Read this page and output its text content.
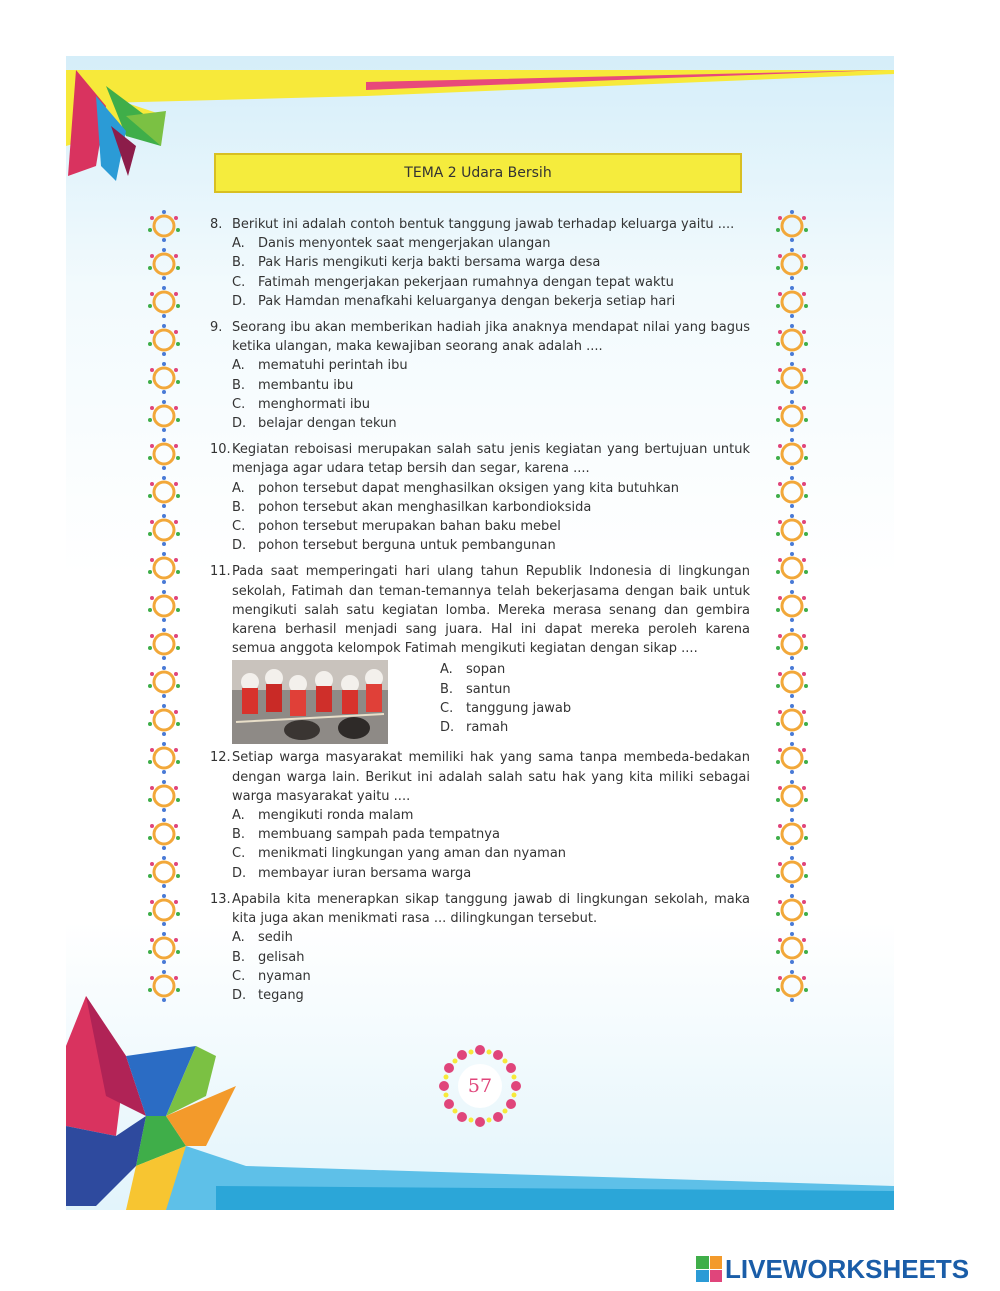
TEMA 2 Udara Bersih
8. Berikut ini adalah contoh bentuk tanggung jawab terhadap keluarga yaitu ....
A. Danis menyontek saat mengerjakan ulangan
B. Pak Haris mengikuti kerja bakti bersama warga desa
C. Fatimah mengerjakan pekerjaan rumahnya dengan tepat waktu
D. Pak Hamdan menafkahi keluarganya dengan bekerja setiap hari
9. Seorang ibu akan memberikan hadiah jika anaknya mendapat nilai yang bagus ketika ulangan, maka kewajiban seorang anak adalah ....
A. mematuhi perintah ibu
B. membantu ibu
C. menghormati ibu
D. belajar dengan tekun
10. Kegiatan reboisasi merupakan salah satu jenis kegiatan yang bertujuan untuk menjaga agar udara tetap bersih dan segar, karena ....
A. pohon tersebut dapat menghasilkan oksigen yang kita butuhkan
B. pohon tersebut akan menghasilkan karbondioksida
C. pohon tersebut merupakan bahan baku mebel
D. pohon tersebut berguna untuk pembangunan
11. Pada saat memperingati hari ulang tahun Republik Indonesia di lingkungan sekolah, Fatimah dan teman-temannya telah bekerjasama dengan baik untuk mengikuti salah satu kegiatan lomba. Mereka merasa senang dan gembira karena berhasil menjadi sang juara. Hal ini dapat mereka peroleh karena semua anggota kelompok Fatimah mengikuti kegiatan dengan sikap ....
A. sopan
B. santun
C. tanggung jawab
D. ramah
12. Setiap warga masyarakat memiliki hak yang sama tanpa membeda-bedakan dengan warga lain. Berikut ini adalah salah satu hak yang kita miliki sebagai warga masyarakat yaitu ....
A. mengikuti ronda malam
B. membuang sampah pada tempatnya
C. menikmati lingkungan yang aman dan nyaman
D. membayar iuran bersama warga
13. Apabila kita menerapkan sikap tanggung jawab di lingkungan sekolah, maka kita juga akan menikmati rasa ... dilingkungan tersebut.
A. sedih
B. gelisah
C. nyaman
D. tegang
57
LIVEWORKSHEETS
